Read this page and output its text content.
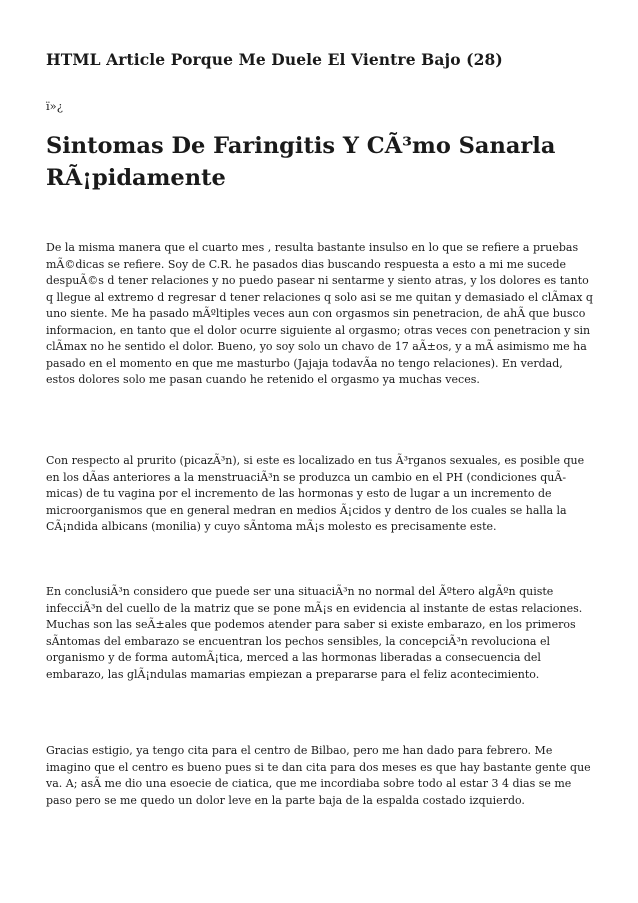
HTML Article Porque Me Duele El Vientre Bajo (28)
ï»¿
Sintomas De Faringitis Y CÃ³mo Sanarla RÃ¡pidamente

De la misma manera que el cuarto mes , resulta bastante insulso en lo que se refiere a pruebas mÃ©dicas se refiere. Soy de C.R. he pasados dias buscando respuesta a esto a mi me sucede despuÃ©s d tener relaciones y no puedo pasear ni sentarme y siento atras, y los dolores es tanto q llegue al extremo d regresar d tener relaciones q solo asi se me quitan y demasiado el clÃmax q uno siente. Me ha pasado mÃºltiples veces aun con orgasmos sin penetracion, de ahÃ que busco informacion, en tanto que el dolor ocurre siguiente al orgasmo; otras veces con penetracion y sin clÃmax no he sentido el dolor. Bueno, yo soy solo un chavo de 17 aÃ±os, y a mÃ asimismo me ha pasado en el momento en que me masturbo (Jajaja todavÃa no tengo relaciones). En verdad, estos dolores solo me pasan cuando he retenido el orgasmo ya muchas veces.

Con respecto al prurito (picazÃ³n), si este es localizado en tus Ã³rganos sexuales, es posible que en los dÃas anteriores a la menstruaciÃ³n se produzca un cambio en el PH (condiciones quÃmicas) de tu vagina por el incremento de las hormonas y esto de lugar a un incremento de microorganismos que en general medran en medios Ã¡cidos y dentro de los cuales se halla la CÃ¡ndida albicans (monilia) y cuyo sÃntoma mÃ¡s molesto es precisamente este.

En conclusiÃ³n considero que puede ser una situaciÃ³n no normal del Ãºtero algÃºn quiste infecciÃ³n del cuello de la matriz que se pone mÃ¡s en evidencia al instante de estas relaciones. Muchas son las seÃ±ales que podemos atender para saber si existe embarazo, en los primeros sÃntomas del embarazo se encuentran los pechos sensibles, la concepciÃ³n revoluciona el organismo y de forma automÃ¡tica, merced a las hormonas liberadas a consecuencia del embarazo, las glÃ¡ndulas mamarias empiezan a prepararse para el feliz acontecimiento.

Gracias estigio, ya tengo cita para el centro de Bilbao, pero me han dado para febrero. Me imagino que el centro es bueno pues si te dan cita para dos meses es que hay bastante gente que va. A; asÃ me dio una esoecie de ciatica, que me incordiaba sobre todo al estar 3 4 dias se me paso pero se me quedo un dolor leve en la parte baja de la espalda costado izquierdo.
